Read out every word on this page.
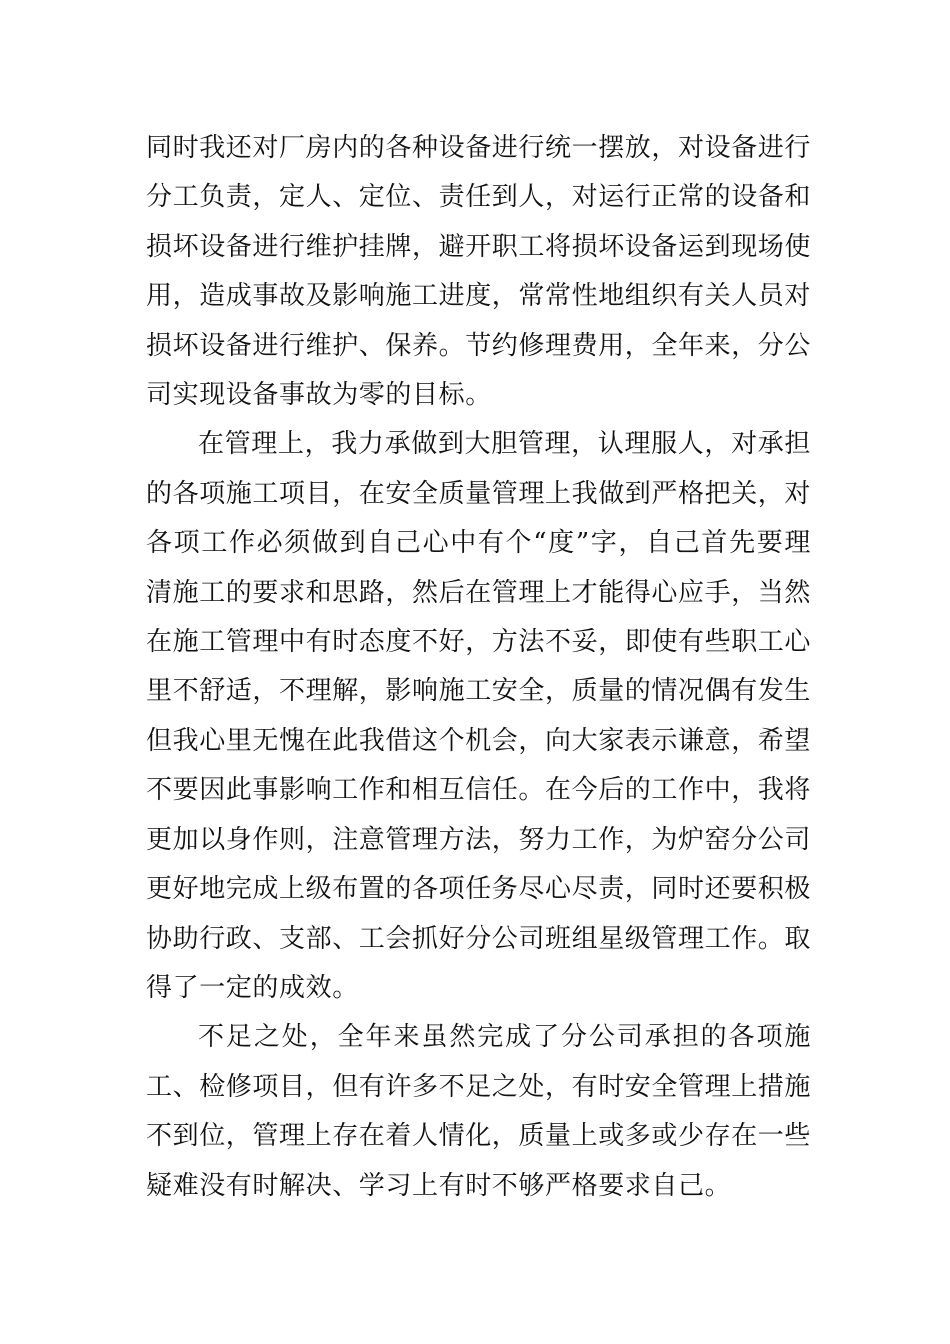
同时我还对厂房内的各种设备进行统一摆放，对设备进行分工负责，定人、定位、责任到人，对运行正常的设备和损坏设备进行维护挂牌，避开职工将损坏设备运到现场使用，造成事故及影响施工进度，常常性地组织有关人员对损坏设备进行维护、保养。节约修理费用，全年来，分公司实现设备事故为零的目标。

在管理上，我力承做到大胆管理，认理服人，对承担的各项施工项目，在安全质量管理上我做到严格把关，对各项工作必须做到自己心中有个“度”字，自己首先要理清施工的要求和思路，然后在管理上才能得心应手，当然在施工管理中有时态度不好，方法不妥，即使有些职工心里不舒适，不理解，影响施工安全，质量的情况偶有发生但我心里无愧在此我借这个机会，向大家表示谦意，希望不要因此事影响工作和相互信任。在今后的工作中，我将更加以身作则，注意管理方法，努力工作，为炉窑分公司更好地完成上级布置的各项任务尽心尽责，同时还要积极协助行政、支部、工会抓好分公司班组星级管理工作。取得了一定的成效。

不足之处，全年来虽然完成了分公司承担的各项施工、检修项目，但有许多不足之处，有时安全管理上措施不到位，管理上存在着人情化，质量上或多或少存在一些疑难没有时解决、学习上有时不够严格要求自己。
